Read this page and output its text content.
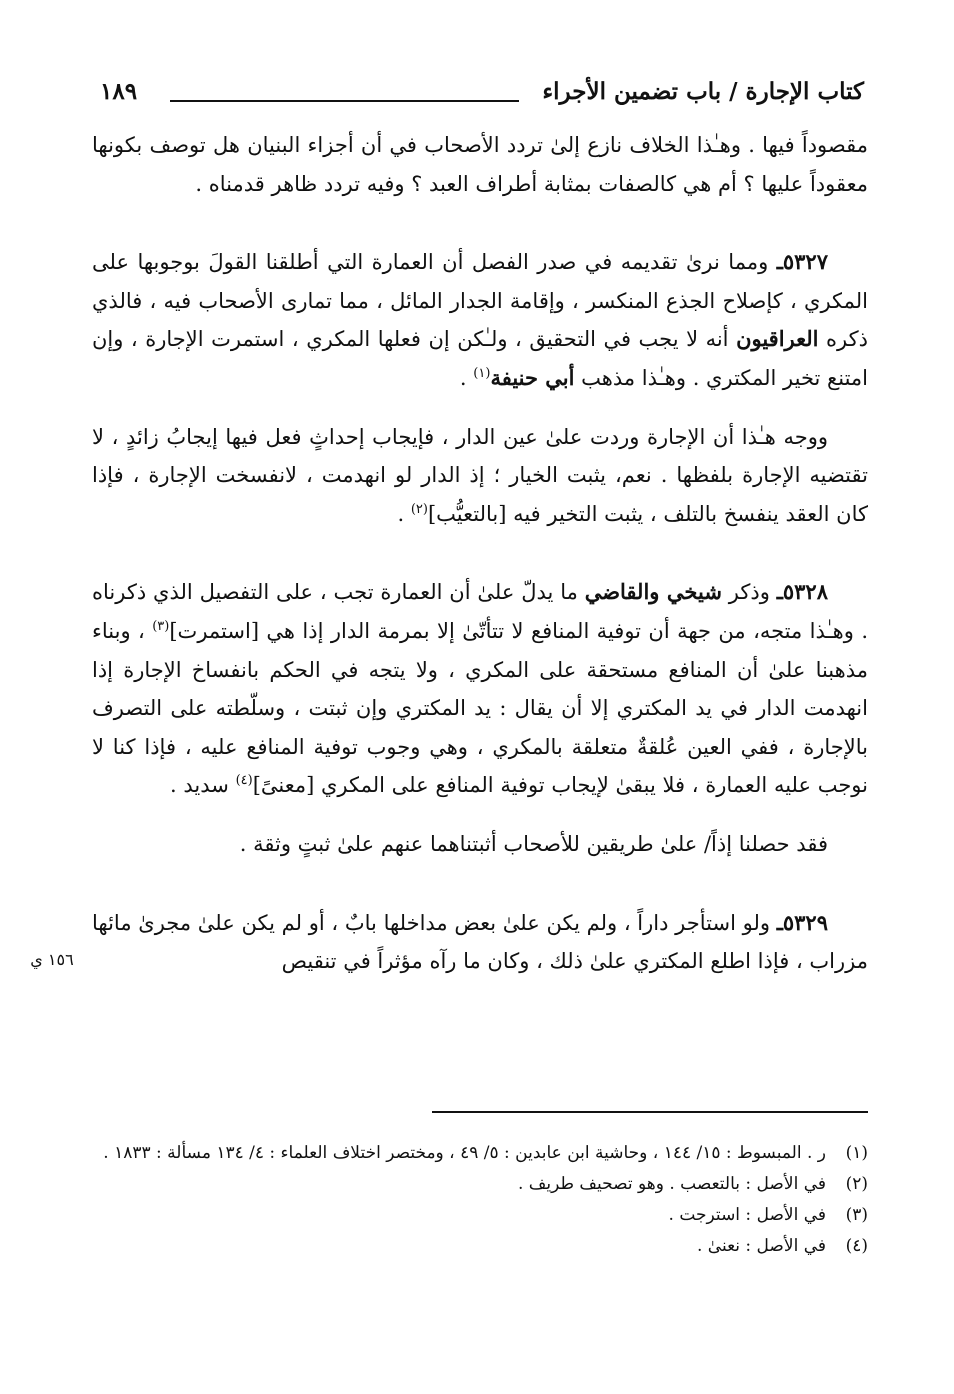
كتاب الإجارة / باب تضمين الأجراء
١٨٩

مقصوداً فيها . وهـٰذا الخلاف نازع إلىٰ تردد الأصحاب في أن أجزاء البنيان هل توصف بكونها معقوداً عليها ؟ أم هي كالصفات بمثابة أطراف العبد ؟ وفيه تردد ظاهر قدمناه .

٥٣٢٧ـ ومما نرىٰ تقديمه في صدر الفصل أن العمارة التي أطلقنا القولَ بوجوبها على المكري ، كإصلاح الجذع المنكسر ، وإقامة الجدار المائل ، مما تمارى الأصحاب فيه ، فالذي ذكره العراقيون أنه لا يجب في التحقيق ، ولـٰكن إن فعلها المكري ، استمرت الإجارة ، وإن امتنع تخير المكتري . وهـٰذا مذهب أبي حنيفة$^{(١)}$ .

ووجه هـٰذا أن الإجارة وردت علىٰ عين الدار ، فإيجاب إحداثٍ فعل فيها إيجابُ زائدٍ ، لا تقتضيه الإجارة بلفظها . نعم، يثبت الخيار ؛ إذ الدار لو انهدمت ، لانفسخت الإجارة ، فإذا كان العقد ينفسخ بالتلف ، يثبت التخير فيه [بالتعيُّب]$^{(٢)}$ .

٥٣٢٨ـ وذكر شيخي والقاضي ما يدلّ علىٰ أن العمارة تجب ، على التفصيل الذي ذكرناه . وهـٰذا متجه، من جهة أن توفية المنافع لا تتأتّىٰ إلا بمرمة الدار إذا هي [استمرت]$^{(٣)}$ ، وبناء مذهبنا علىٰ أن المنافع مستحقة على المكري ، ولا يتجه في الحكم بانفساخ الإجارة إذا انهدمت الدار في يد المكتري إلا أن يقال : يد المكتري وإن ثبتت ، وسلّطته على التصرف بالإجارة ، ففي العين عُلقةٌ متعلقة بالمكري ، وهي وجوب توفية المنافع عليه ، فإذا كنا لا نوجب عليه العمارة ، فلا يبقىٰ لإيجاب توفية المنافع على المكري [معنىً]$^{(٤)}$ سديد .

فقد حصلنا إذاً/ علىٰ طريقين للأصحاب أثبتناهما عنهم علىٰ ثبتٍ وثقة .

٥٣٢٩ـ ولو استأجر داراً ، ولم يكن علىٰ بعض مداخلها بابٌ ، أو لم يكن علىٰ مجرىٰ مائها مزراب ، فإذا اطلع المكتري علىٰ ذلك ، وكان ما رآه مؤثراً في تنقيص

١٥٦ ي
(١)
ر . المبسوط : ١٥/ ١٤٤ ، وحاشية ابن عابدين : ٥/ ٤٩ ، ومختصر اختلاف العلماء : ٤/ ١٣٤ مسألة : ١٨٣٣ .
(٢)
في الأصل : بالتعصب . وهو تصحيف طريف .
(٣)
في الأصل : استرجت .
(٤)
في الأصل : نعنىٰ .
